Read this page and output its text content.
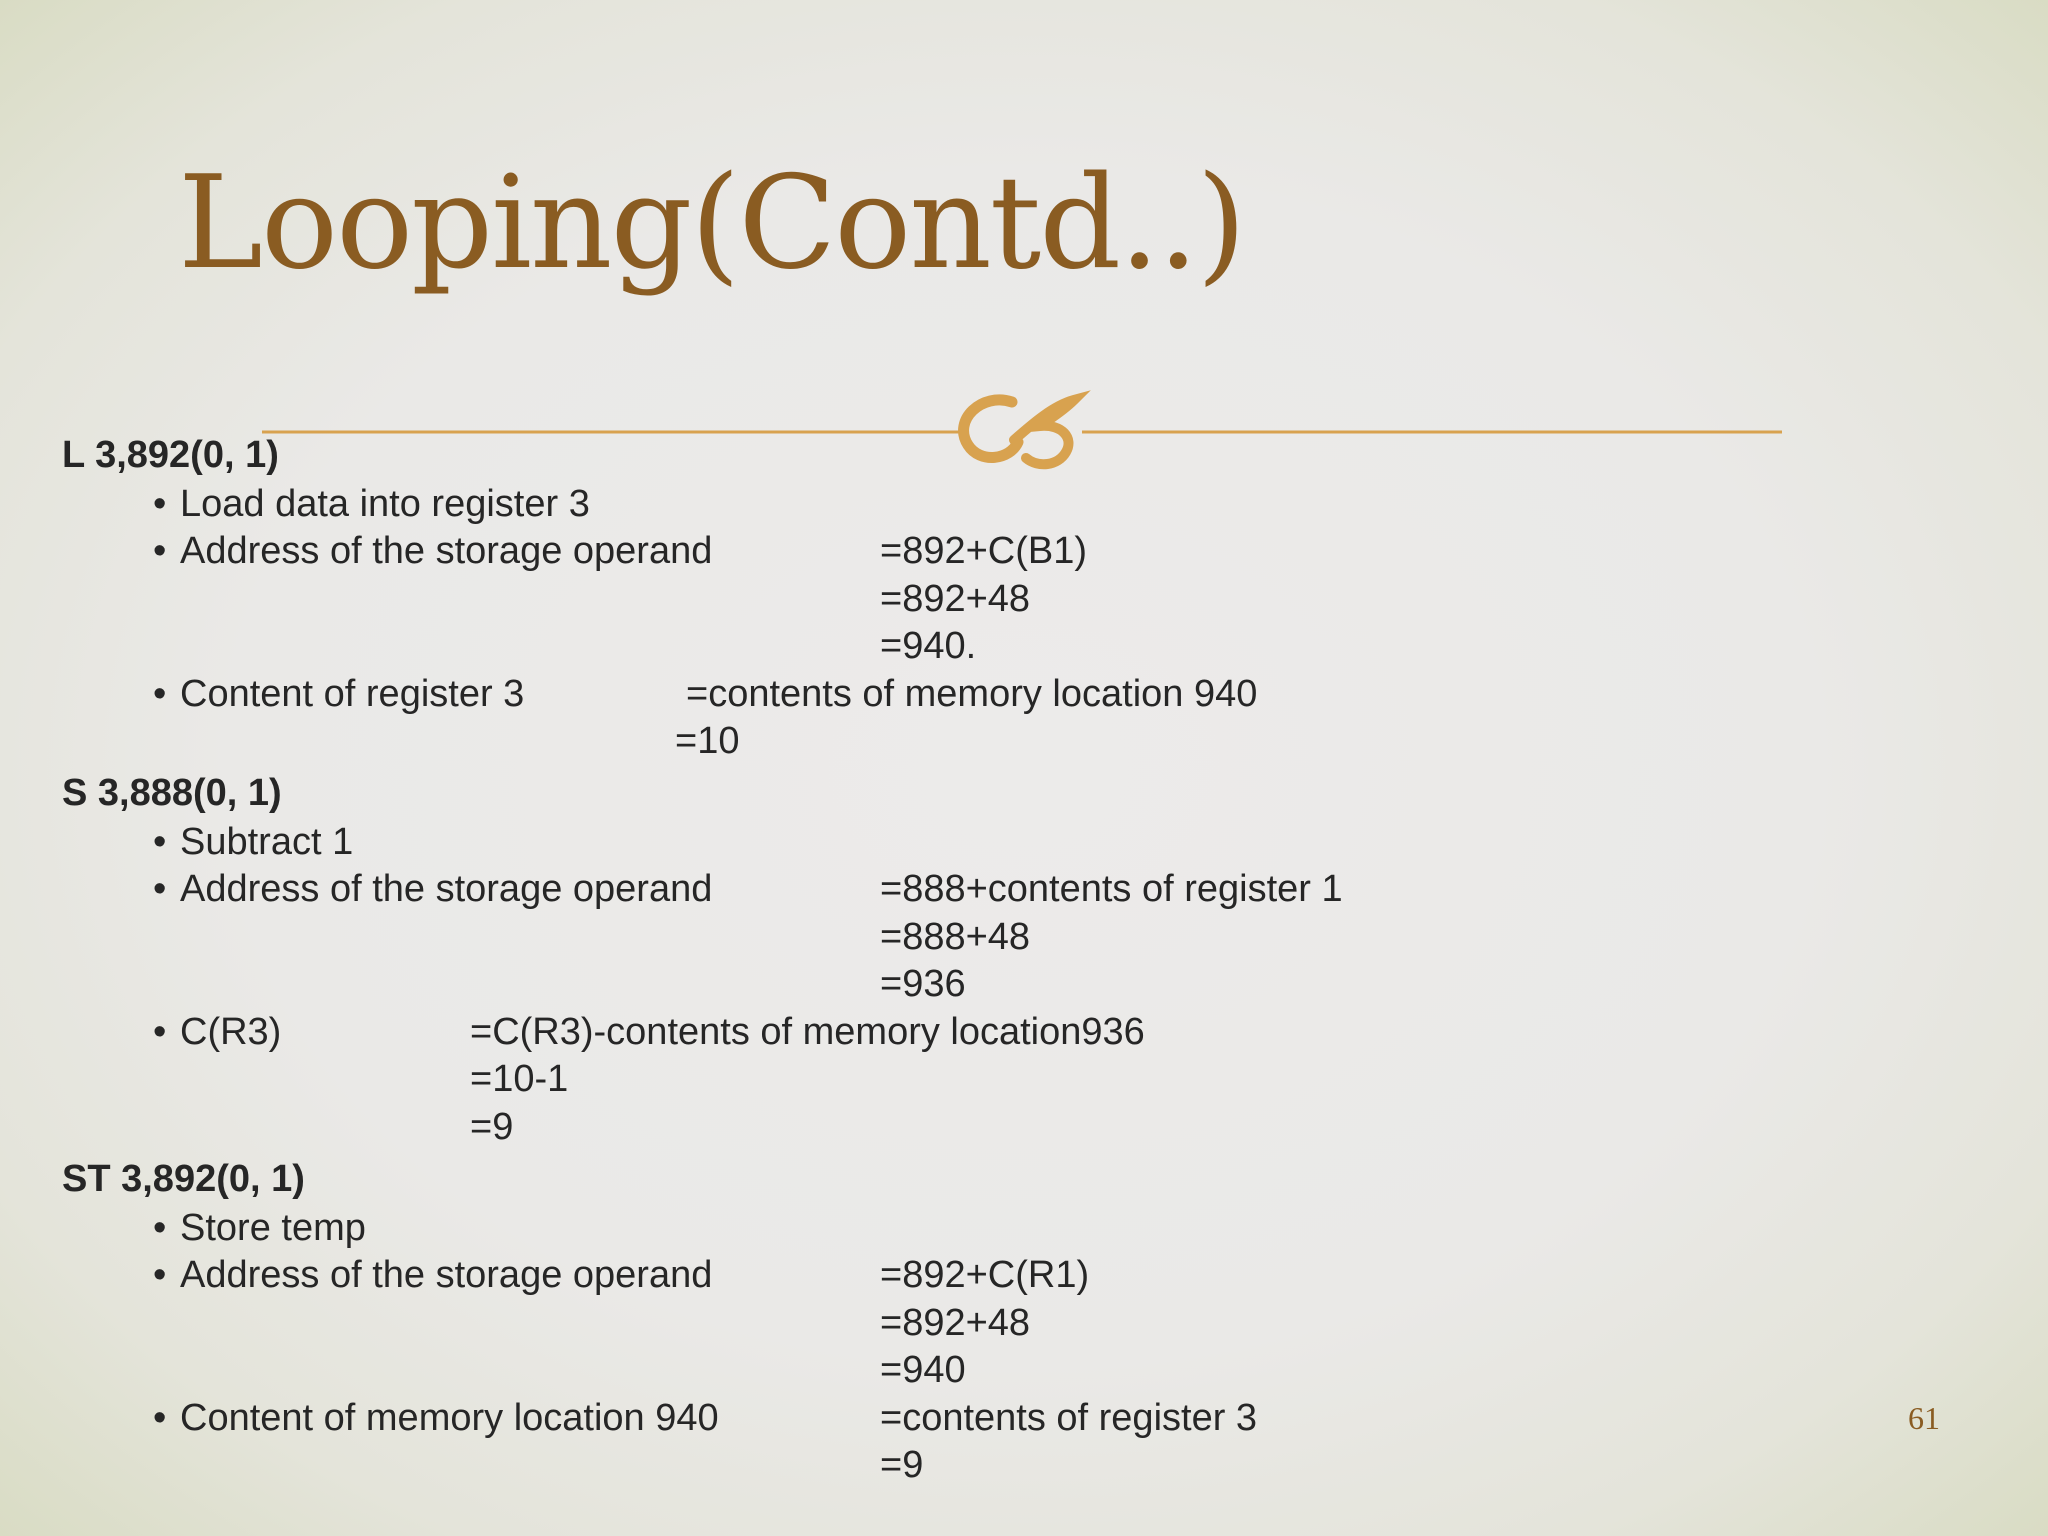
Looping(Contd..)
L 3,892(0, 1)
• Load data into register 3
• Address of the storage operand	=892+C(B1)
=892+48
=940.
• Content of register 3	=contents of memory location 940
=10
S 3,888(0, 1)
• Subtract 1
• Address of the storage operand	=888+contents of register 1
=888+48
=936
• C(R3)	=C(R3)-contents of memory location936
=10-1
=9
ST 3,892(0, 1)
• Store temp
• Address of the storage operand	=892+C(R1)
=892+48
=940
• Content of memory location 940	=contents of register 3
=9
61
